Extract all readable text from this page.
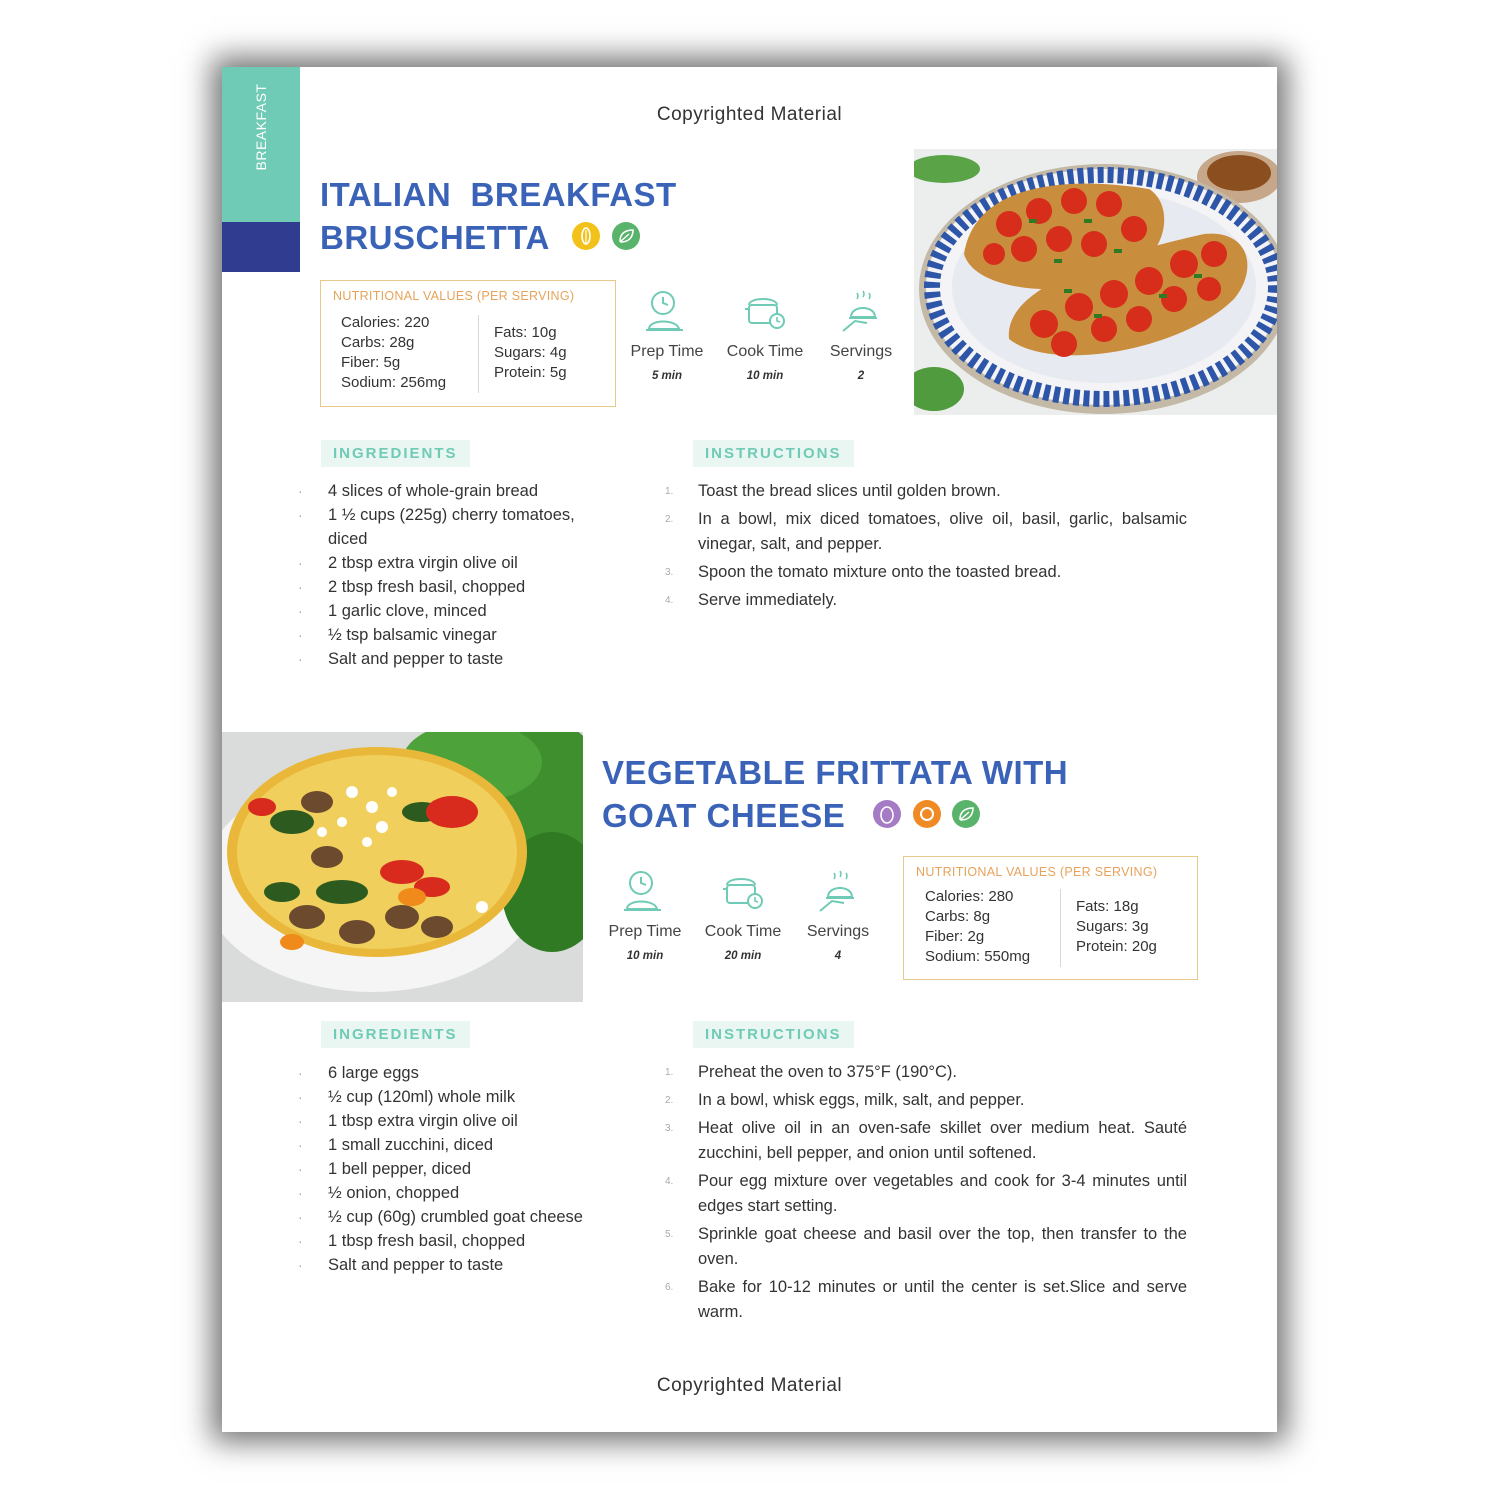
BREAKFAST
16
Copyrighted Material
ITALIAN  BREAKFAST
BRUSCHETTA

NUTRITIONAL VALUES (PER SERVING)
Calories: 220
Carbs: 28g
Fiber: 5g
Sodium: 256mg
Fats: 10g
Sugars: 4g
Protein: 5g
Prep Time
5 min
Cook Time
10 min
Servings
2
INGREDIENTS
· 4 slices of whole-grain bread
· 1 ½ cups (225g) cherry tomatoes, diced
· 2 tbsp extra virgin olive oil
· 2 tbsp fresh basil, chopped
· 1 garlic clove, minced
· ½ tsp balsamic vinegar
· Salt and pepper to taste
INSTRUCTIONS
1. Toast the bread slices until golden brown.
2. In a bowl, mix diced tomatoes, olive oil, basil, garlic, balsamic vinegar, salt, and pepper.
3. Spoon the tomato mixture onto the toasted bread.
4. Serve immediately.
VEGETABLE FRITTATA WITH
GOAT CHEESE

Prep Time
10 min
Cook Time
20 min
Servings
4
NUTRITIONAL VALUES (PER SERVING)
Calories: 280
Carbs: 8g
Fiber: 2g
Sodium: 550mg
Fats: 18g
Sugars: 3g
Protein: 20g
INGREDIENTS
· 6 large eggs
· ½ cup (120ml) whole milk
· 1 tbsp extra virgin olive oil
· 1 small zucchini, diced
· 1 bell pepper, diced
· ½ onion, chopped
· ½ cup (60g) crumbled goat cheese
· 1 tbsp fresh basil, chopped
· Salt and pepper to taste
INSTRUCTIONS
1. Preheat the oven to 375°F (190°C).
2. In a bowl, whisk eggs, milk, salt, and pepper.
3. Heat olive oil in an oven-safe skillet over medium heat. Sauté zucchini, bell pepper, and onion until softened.
4. Pour egg mixture over vegetables and cook for 3-4 minutes until edges start setting.
5. Sprinkle goat cheese and basil over the top, then transfer to the oven.
6. Bake for 10-12 minutes or until the center is set.Slice and serve warm.
Copyrighted Material
